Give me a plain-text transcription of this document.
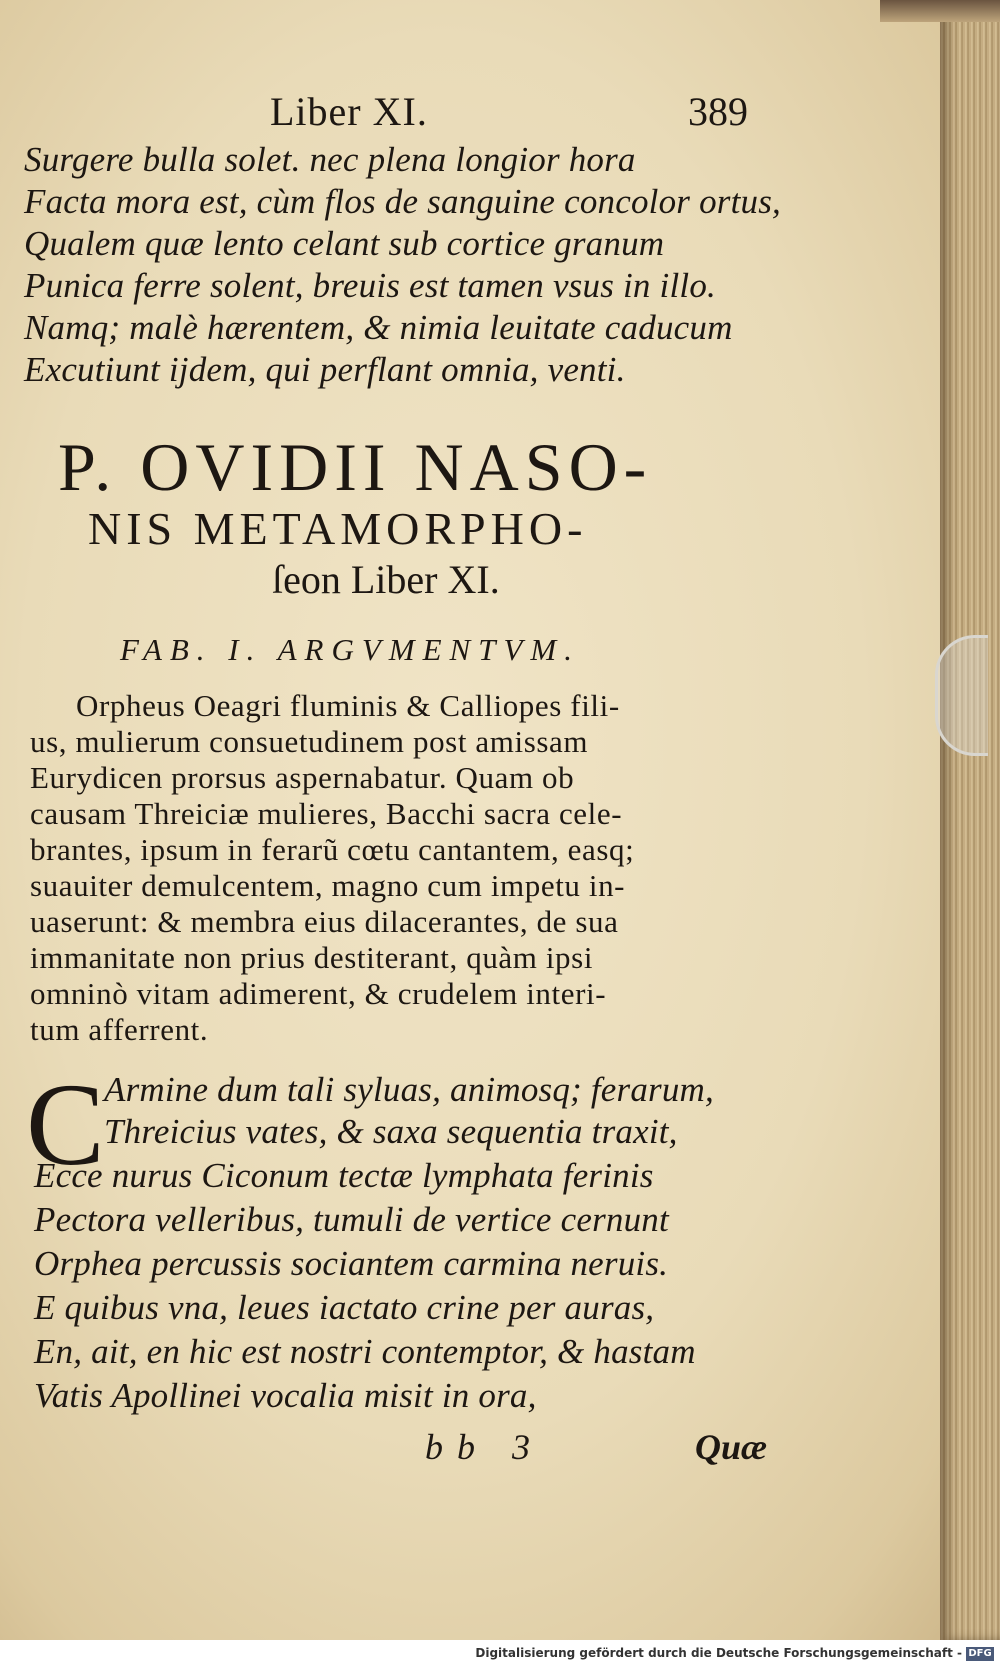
Liber XI.	389
Surgere bulla solet. nec plena longior hora
Facta mora est, cùm flos de sanguine concolor ortus,
Qualem quæ lento celant sub cortice granum
Punica ferre solent, breuis est tamen vsus in illo.
Namq; malè hærentem, & nimia leuitate caducum
Excutiunt ijdem, qui perflant omnia, venti.
P. OVIDII NASO-
NIS METAMORPHO-
ſeon Liber XI.
FAB. I. ARGVMENTVM.
Orpheus Oeagri fluminis & Calliopes fili-
us, mulierum consuetudinem post amissam
Eurydicen prorsus aspernabatur. Quam ob
causam Threiciæ mulieres, Bacchi sacra cele-
brantes, ipsum in ferarũ cœtu cantantem, easq;
suauiter demulcentem, magno cum impetu in-
uaserunt: & membra eius dilacerantes, de sua
immanitate non prius destiterant, quàm ipsi
omninò vitam adimerent, & crudelem interi-
tum afferrent.
C Armine dum tali syluas, animosq; ferarum,
Threicius vates, & saxa sequentia traxit,
Ecce nurus Ciconum tectæ lymphata ferinis
Pectora velleribus, tumuli de vertice cernunt
Orphea percussis sociantem carmina neruis.
E quibus vna, leues iactato crine per auras,
En, ait, en hic est nostri contemptor, & hastam
Vatis Apollinei vocalia misit in ora,
bb 3	Quæ
Digitalisierung gefördert durch die Deutsche Forschungsgemeinschaft - DFG
